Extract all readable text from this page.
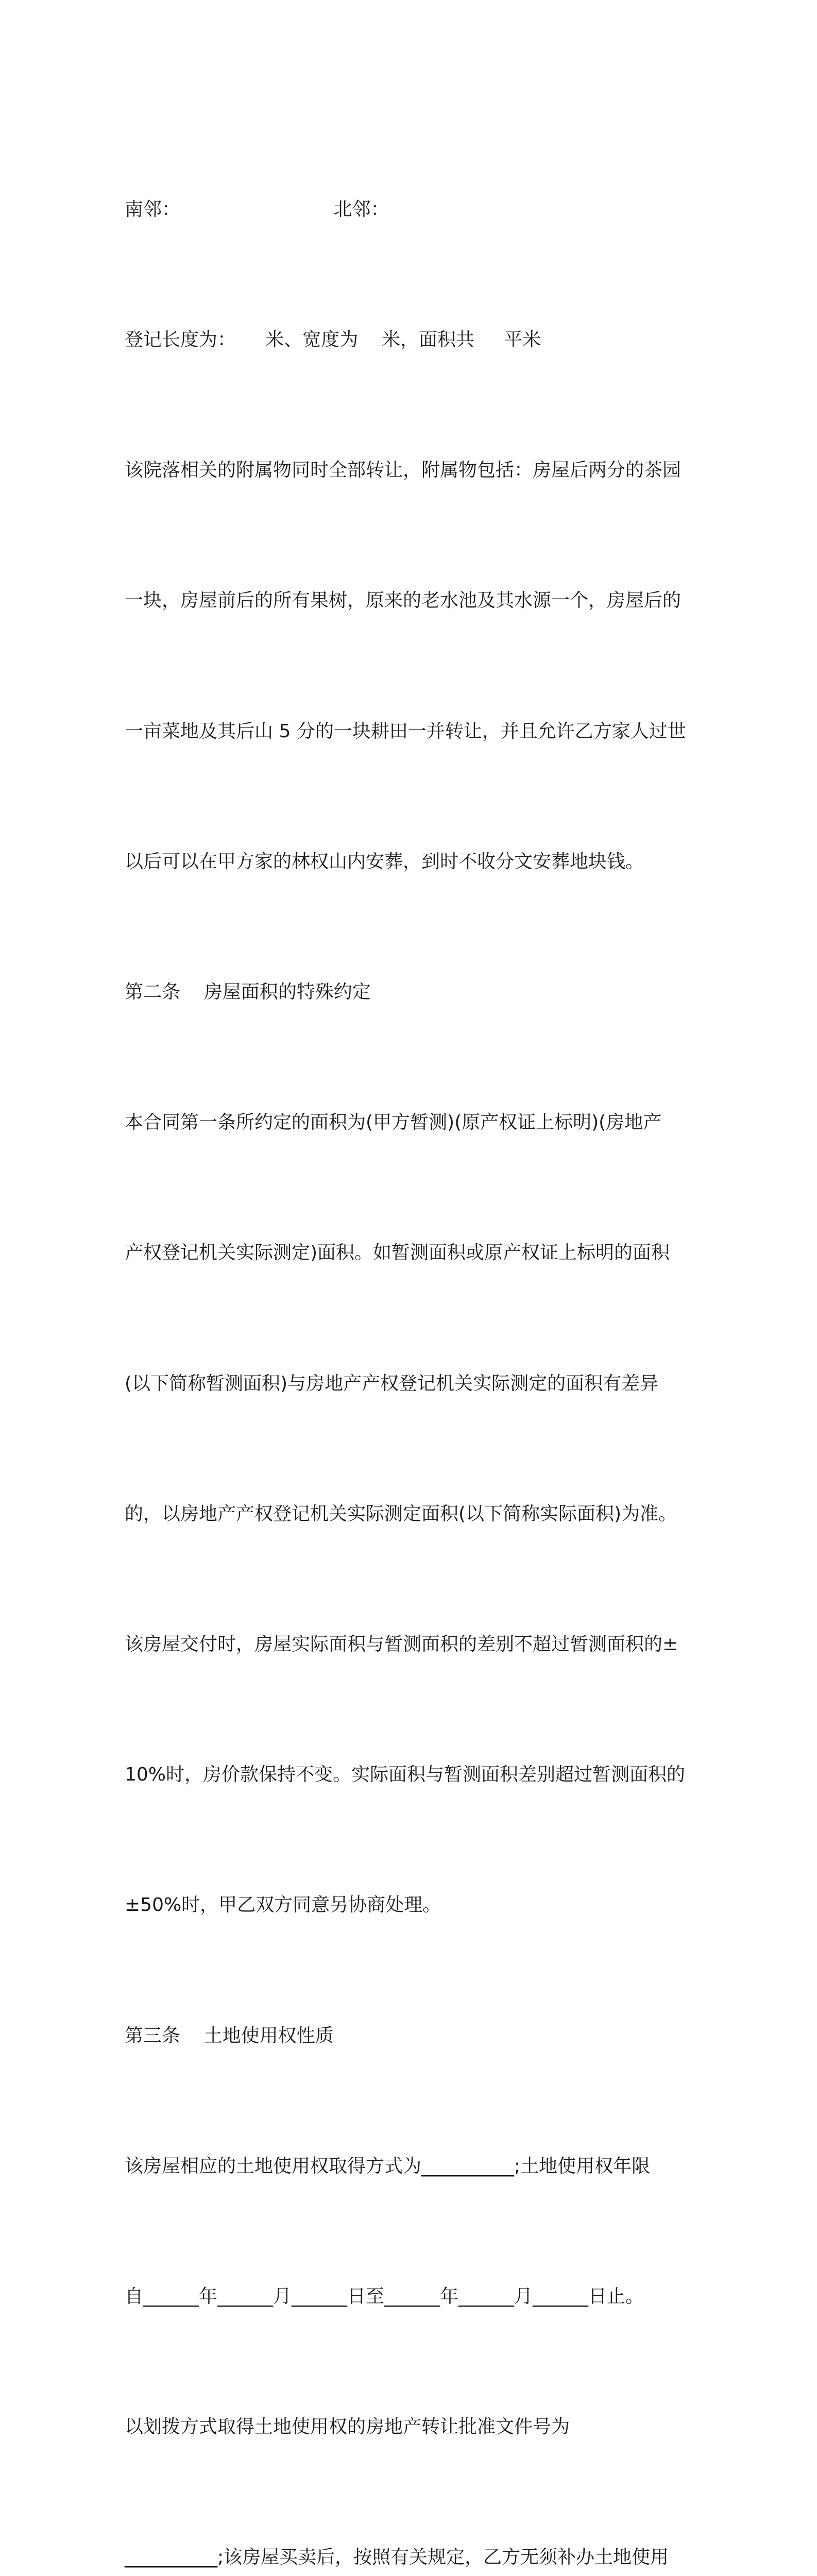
南邻：                          北邻：

登记长度为：     米、宽度为    米，面积共     平米

该院落相关的附属物同时全部转让，附属物包括：房屋后两分的茶园

一块，房屋前后的所有果树，原来的老水池及其水源一个，房屋后的

一亩菜地及其后山 5 分的一块耕田一并转让，并且允许乙方家人过世

以后可以在甲方家的林权山内安葬，到时不收分文安葬地块钱。

第二条    房屋面积的特殊约定

本合同第一条所约定的面积为(甲方暂测)(原产权证上标明)(房地产

产权登记机关实际测定)面积。如暂测面积或原产权证上标明的面积

(以下简称暂测面积)与房地产产权登记机关实际测定的面积有差异

的，以房地产产权登记机关实际测定面积(以下简称实际面积)为准。

该房屋交付时，房屋实际面积与暂测面积的差别不超过暂测面积的±

10%时，房价款保持不变。实际面积与暂测面积差别超过暂测面积的

±50%时，甲乙双方同意另协商处理。

第三条    土地使用权性质

该房屋相应的土地使用权取得方式为__________;土地使用权年限

自______年______月______日至______年______月______日止。

以划拨方式取得土地使用权的房地产转让批准文件号为

__________;该房屋买卖后，按照有关规定，乙方无须补办土地使用
